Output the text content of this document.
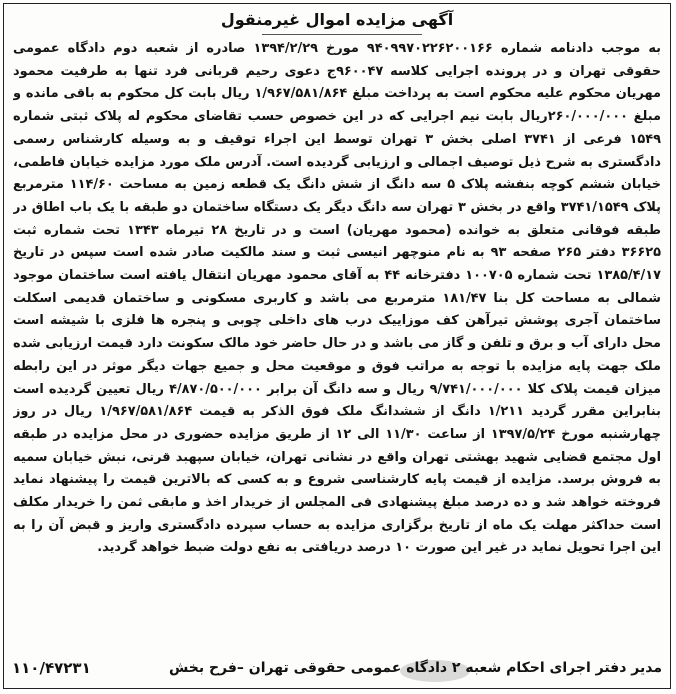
آگهی مزایده اموال غیرمنقول
به موجب دادنامه شماره ۹۴۰۹۹۷۰۲۲۶۲۰۰۱۶۶ مورخ ۱۳۹۴/۲/۲۹ صادره از شعبه دوم دادگاه عمومی حقوقی تهران و در پرونده اجرایی کلاسه ۹۶۰۰۴۷ج دعوی رحیم قربانی فرد تنها به طرفیت محمود مهریان محکوم علیه محکوم است به پرداخت مبلغ ۱/۹۶۷/۵۸۱/۸۶۴ ریال بابت کل محکوم به باقی مانده و مبلغ ۲۶۰/۰۰۰/۰۰۰ریال بابت نیم اجرایی که در این خصوص حسب تقاضای محکوم له پلاک ثبتی شماره ۱۵۴۹ فرعی از ۳۷۴۱ اصلی بخش ۳ تهران توسط این اجراء توقیف و به وسیله کارشناس رسمی دادگستری به شرح ذیل توصیف اجمالی و ارزیابی گردیده است. آدرس ملک مورد مزایده خیابان فاطمی، خیابان ششم کوچه بنفشه پلاک ۵ سه دانگ از شش دانگ یک قطعه زمین به مساحت ۱۱۴/۶۰ مترمربع پلاک ۳۷۴۱/۱۵۴۹ واقع در بخش ۳ تهران سه دانگ دیگر یک دستگاه ساختمان دو طبقه با یک باب اطاق در طبقه فوقانی متعلق به خوانده (محمود مهریان) است و در تاریخ ۲۸ تیرماه ۱۳۴۳ تحت شماره ثبت ۳۶۶۲۵ دفتر ۲۶۵ صفحه ۹۳ به نام منوچهر انیسی ثبت و سند مالکیت صادر شده است سپس در تاریخ ۱۳۸۵/۴/۱۷ تحت شماره ۱۰۰۷۰۵ دفترخانه ۴۴ به آقای محمود مهریان انتقال یافته است ساختمان موجود شمالی به مساحت کل بنا ۱۸۱/۴۷ مترمربع می باشد و کاربری مسکونی و ساختمان قدیمی اسکلت ساختمان آجری پوشش تیرآهن کف موزاییک درب های داخلی چوبی و پنجره ها فلزی با شیشه است محل دارای آب و برق و تلفن و گاز می باشد و در حال حاضر خود مالک سکونت دارد قیمت ارزیابی شده ملک جهت پایه مزایده با توجه به مراتب فوق و موقعیت محل و جمیع جهات دیگر موثر در این رابطه میزان قیمت پلاک کلا ۹/۷۴۱/۰۰۰/۰۰۰ ریال و سه دانگ آن برابر ۴/۸۷۰/۵۰۰/۰۰۰ ریال تعیین گردیده است بنابراین مقرر گردید ۱/۲۱۱ دانگ از ششدانگ ملک فوق الذکر به قیمت ۱/۹۶۷/۵۸۱/۸۶۴ ریال در روز چهارشنبه مورخ ۱۳۹۷/۵/۲۴ از ساعت ۱۱/۳۰ الی ۱۲ از طریق مزایده حضوری در محل مزایده در طبقه اول مجتمع قضایی شهید بهشتی تهران واقع در نشانی تهران، خیابان سپهبد قرنی، نبش خیابان سمیه به فروش برسد. مزایده از قیمت پایه کارشناسی شروع و به کسی که بالاترین قیمت را پیشنهاد نماید فروخته خواهد شد و ده درصد مبلغ پیشنهادی فی المجلس از خریدار اخذ و مابقی ثمن را خریدار مکلف است حداکثر مهلت یک ماه از تاریخ برگزاری مزایده به حساب سپرده دادگستری واریز و قبض آن را به این اجرا تحویل نماید در غیر این صورت ۱۰ درصد دریافتی به نفع دولت ضبط خواهد گردید.
مدیر دفتر اجرای احکام شعبه ۲ دادگاه عمومی حقوقی تهران –فرح بخش
۱۱۰/۴۷۲۳۱
